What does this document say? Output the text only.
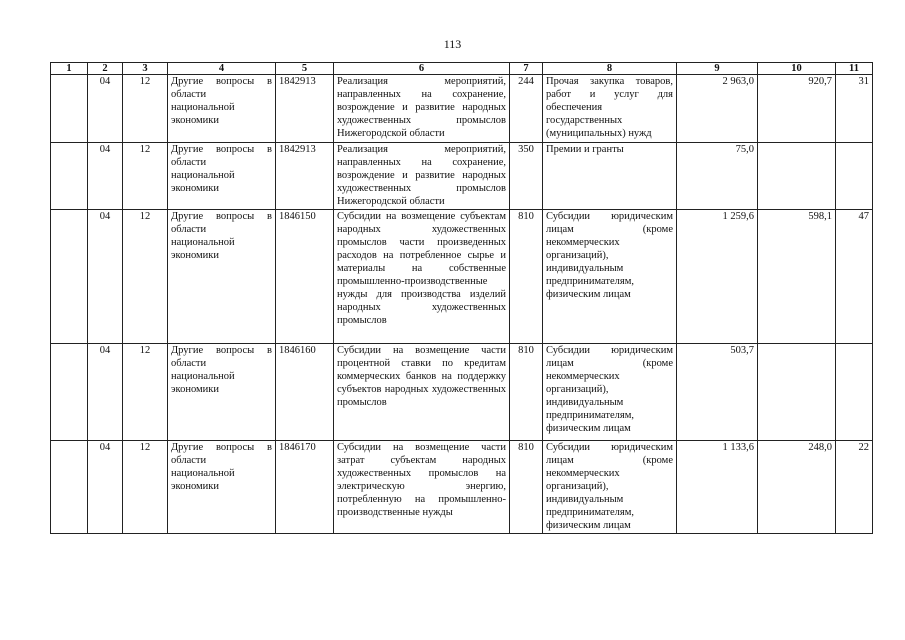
113
1	2	3	4	5	6	7	8	9	10	11
	04	12	Другие вопросы в области национальной экономики	1842913	Реализация мероприятий, направленных на сохранение, возрождение и развитие народных художественных промыслов Нижегородской области	244	Прочая закупка товаров, работ и услуг для обеспечения государственных (муниципальных) нужд	2 963,0	920,7	31
	04	12	Другие вопросы в области национальной экономики	1842913	Реализация мероприятий, направленных на сохранение, возрождение и развитие народных художественных промыслов Нижегородской области	350	Премии и гранты	75,0		
	04	12	Другие вопросы в области национальной экономики	1846150	Субсидии на возмещение субъектам народных художественных промыслов части произведенных расходов на потребленное сырье и материалы на собственные промышленно-производственные нужды для производства изделий народных художественных промыслов	810	Субсидии юридическим лицам (кроме некоммерческих организаций), индивидуальным предпринимателям, физическим лицам	1 259,6	598,1	47
	04	12	Другие вопросы в области национальной экономики	1846160	Субсидии на возмещение части процентной ставки по кредитам коммерческих банков на поддержку субъектов народных художественных промыслов	810	Субсидии юридическим лицам (кроме некоммерческих организаций), индивидуальным предпринимателям, физическим лицам	503,7		
	04	12	Другие вопросы в области национальной экономики	1846170	Субсидии на возмещение части затрат субъектам народных художественных промыслов на электрическую энергию, потребленную на промышленно-производственные нужды	810	Субсидии юридическим лицам (кроме некоммерческих организаций), индивидуальным предпринимателям, физическим лицам	1 133,6	248,0	22
